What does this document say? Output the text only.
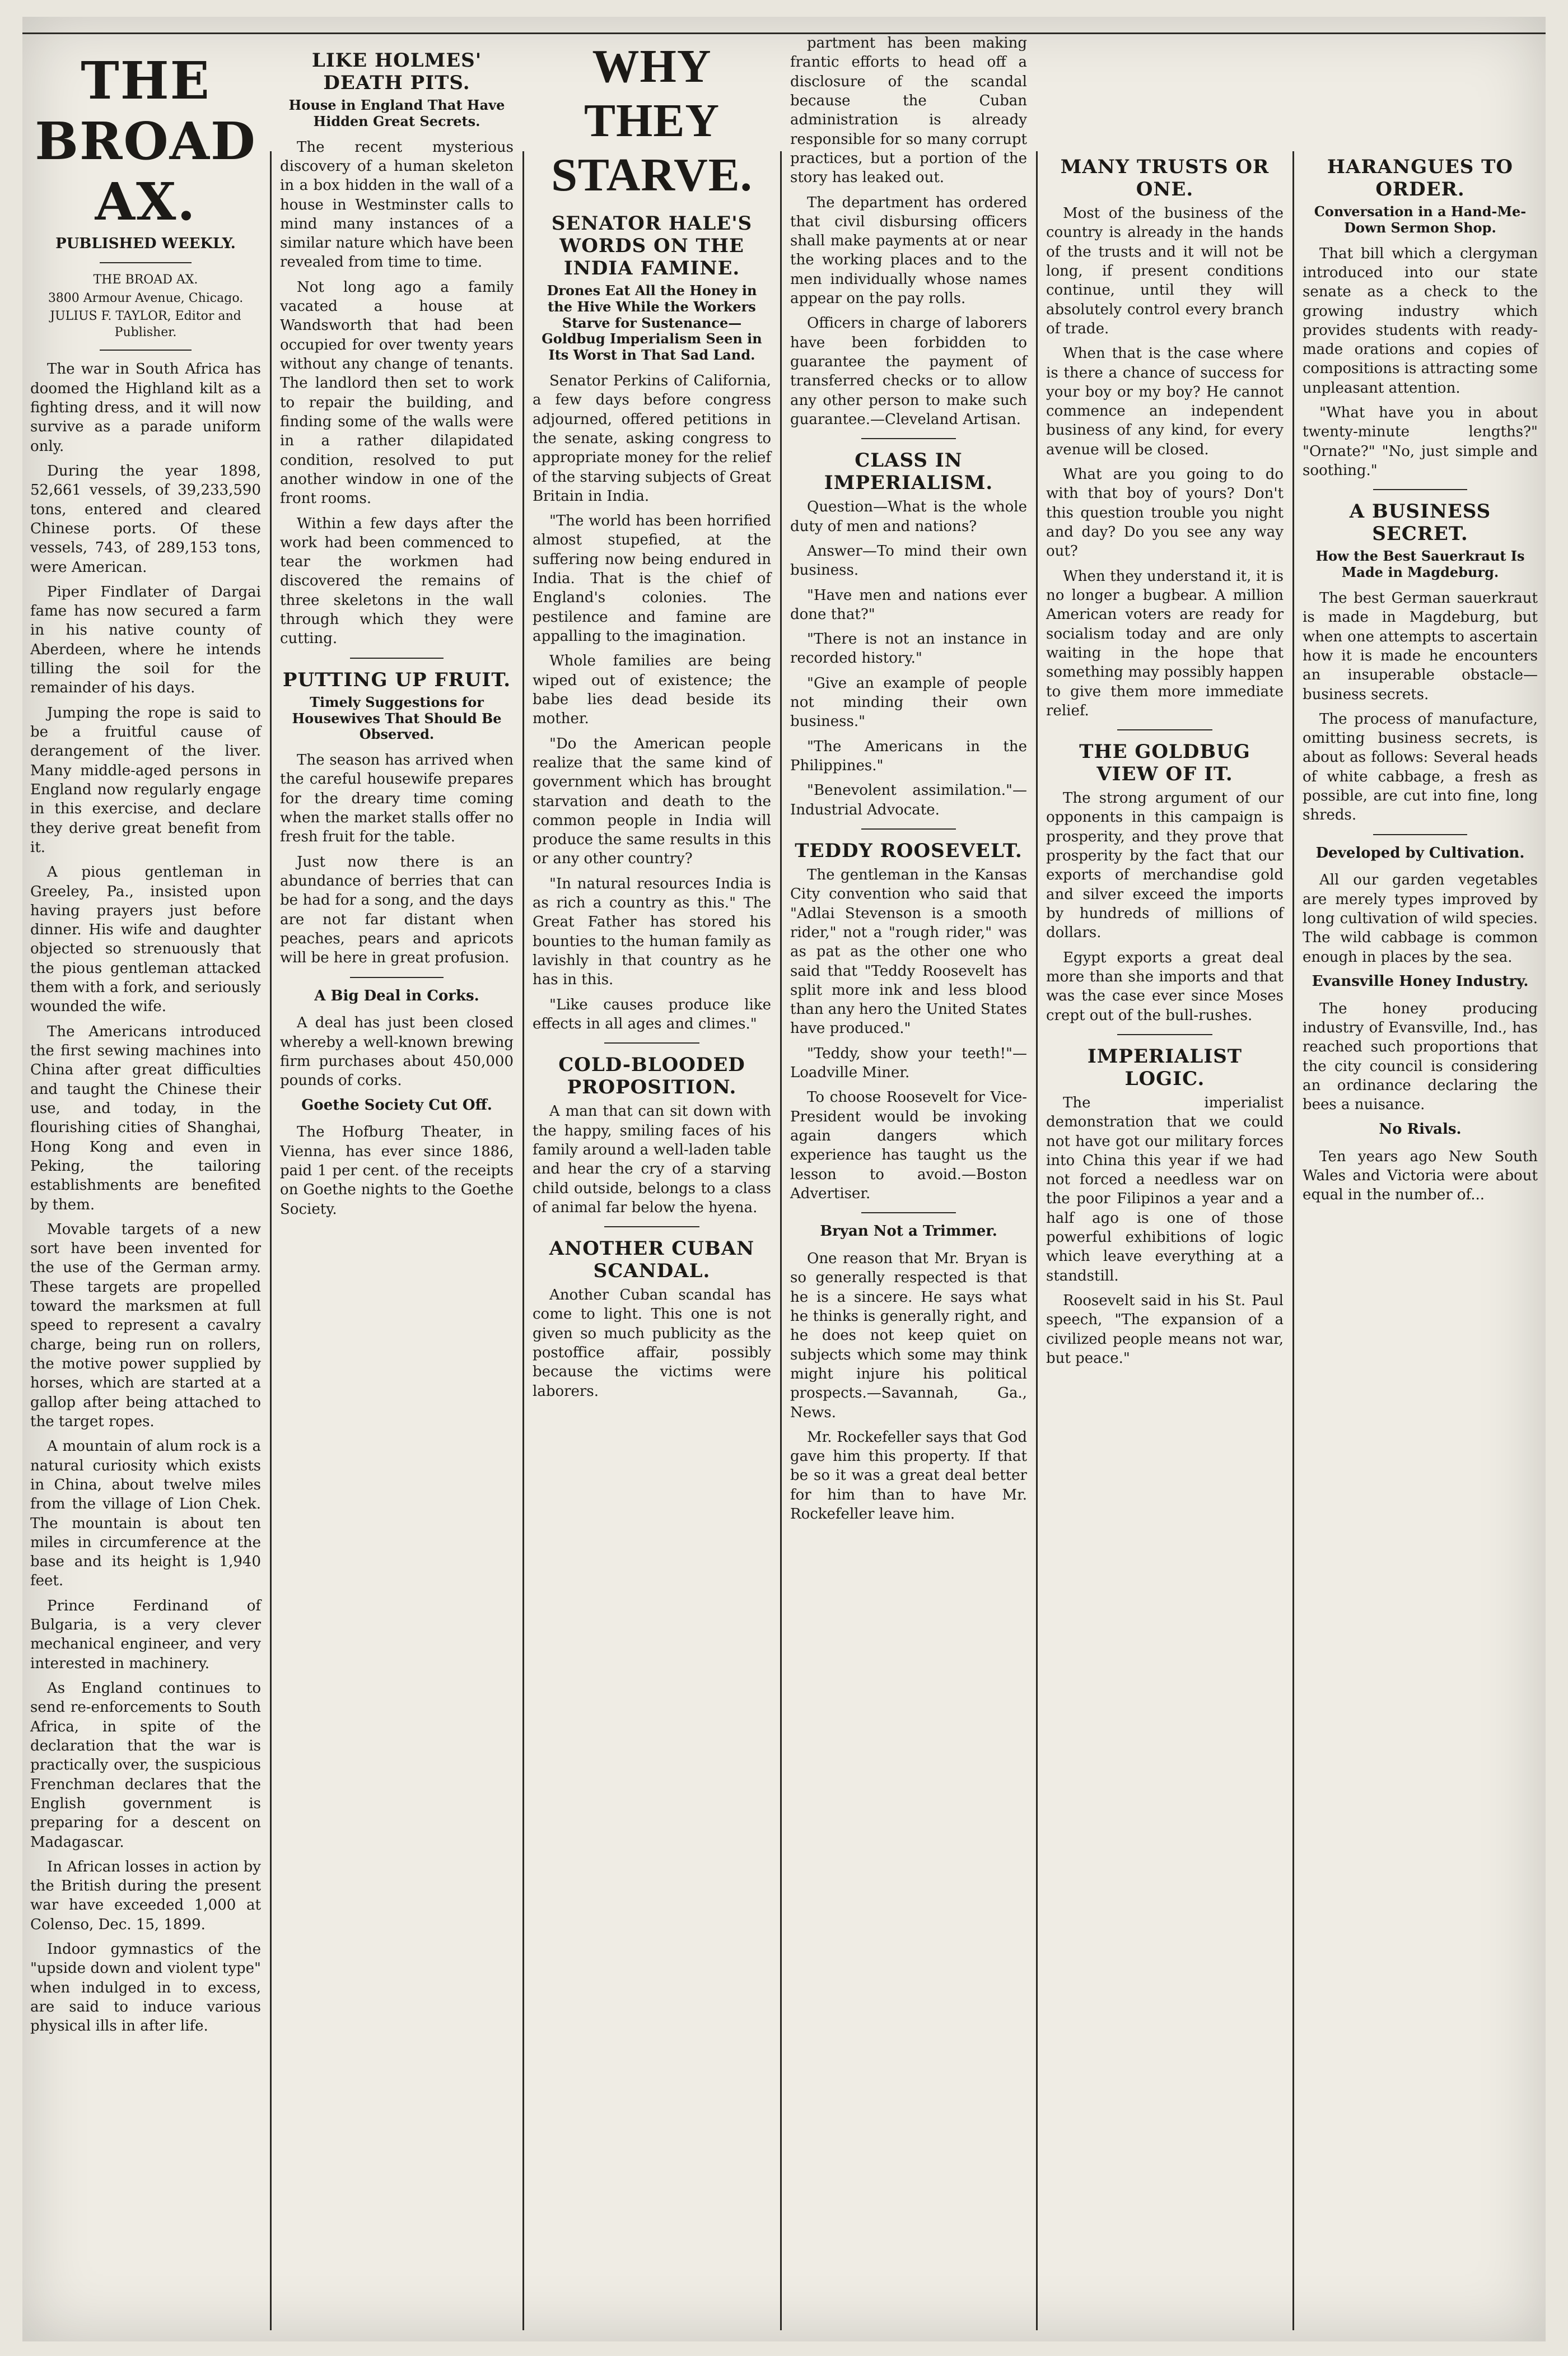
THE BROAD AX.
PUBLISHED WEEKLY.
THE BROAD AX.
3800 Armour Avenue, Chicago.
JULIUS F. TAYLOR, Editor and Publisher.
The war in South Africa has doomed the Highland kilt as a fighting dress, and it will now survive as a parade uniform only.
During the year 1898, 52,661 vessels, of 39,233,590 tons, entered and cleared Chinese ports. Of these vessels, 743, of 289,153 tons, were American.
Piper Findlater of Dargai fame has now secured a farm in his native county of Aberdeen, where he intends tilling the soil for the remainder of his days.
Jumping the rope is said to be a fruitful cause of derangement of the liver. Many middle-aged persons in England now regularly engage in this exercise, and declare they derive great benefit from it.
A pious gentleman in Greeley, Pa., insisted upon having prayers just before dinner. His wife and daughter objected so strenuously that the pious gentleman attacked them with a fork, and seriously wounded the wife.
The Americans introduced the first sewing machines into China after great difficulties and taught the Chinese their use, and today, in the flourishing cities of Shanghai, Hong Kong and even in Peking, the tailoring establishments are benefited by them.
Movable targets of a new sort have been invented for the use of the German army. These targets are propelled toward the marksmen at full speed to represent a cavalry charge, being run on rollers, the motive power supplied by horses, which are started at a gallop after being attached to the target ropes.
A mountain of alum rock is a natural curiosity which exists in China, about twelve miles from the village of Lion Chek. The mountain is about ten miles in circumference at the base and its height is 1,940 feet.
Prince Ferdinand of Bulgaria, is a very clever mechanical engineer, and very interested in machinery.
As England continues to send re-enforcements to South Africa, in spite of the declaration that the war is practically over, the suspicious Frenchman declares that the English government is preparing for a descent on Madagascar.
In African losses in action by the British during the present war have exceeded 1,000 at Colenso, Dec. 15, 1899.
Indoor gymnastics of the "upside down and violent type" when indulged in to excess, are said to induce various physical ills in after life.
LIKE HOLMES' DEATH PITS.
House in England That Have Hidden Great Secrets.
The recent mysterious discovery of a human skeleton in a box hidden in the wall of a house in Westminster calls to mind many instances of a similar nature which have been revealed from time to time.
Not long ago a family vacated a house at Wandsworth that had been occupied for over twenty years without any change of tenants. The landlord then set to work to repair the building, and finding some of the walls were in a rather dilapidated condition, resolved to put another window in one of the front rooms.
Within a few days after the work had been commenced to tear the workmen had discovered the remains of three skeletons in the wall through which they were cutting.
PUTTING UP FRUIT.
Timely Suggestions for Housewives That Should Be Observed.
The season has arrived when the careful housewife prepares for the dreary time coming when the market stalls offer no fresh fruit for the table.
Just now there is an abundance of berries that can be had for a song, and the days are not far distant when peaches, pears and apricots will be here in great profusion.
A Big Deal in Corks.
A deal has just been closed whereby a well-known brewing firm purchases about 450,000 pounds of corks.
Goethe Society Cut Off.
The Hofburg Theater, in Vienna, has ever since 1886, paid 1 per cent. of the receipts on Goethe nights to the Goethe Society.
WHY THEY STARVE.
SENATOR HALE'S WORDS ON THE INDIA FAMINE.
Drones Eat All the Honey in the Hive While the Workers Starve for Sustenance—Goldbug Imperialism Seen in Its Worst in That Sad Land.
Senator Perkins of California, a few days before congress adjourned, offered petitions in the senate, asking congress to appropriate money for the relief of the starving subjects of Great Britain in India.
"The world has been horrified almost stupefied, at the suffering now being endured in India. That is the chief of England's colonies. The pestilence and famine are appalling to the imagination.
Whole families are being wiped out of existence; the babe lies dead beside its mother.
"Do the American people realize that the same kind of government which has brought starvation and death to the common people in India will produce the same results in this or any other country?
"In natural resources India is as rich a country as this." The Great Father has stored his bounties to the human family as lavishly in that country as he has in this.
"Like causes produce like effects in all ages and climes."
COLD-BLOODED PROPOSITION.
A man that can sit down with the happy, smiling faces of his family around a well-laden table and hear the cry of a starving child outside, belongs to a class of animal far below the hyena.
ANOTHER CUBAN SCANDAL.
Another Cuban scandal has come to light. This one is not given so much publicity as the postoffice affair, possibly because the victims were laborers.
partment has been making frantic efforts to head off a disclosure of the scandal because the Cuban administration is already responsible for so many corrupt practices, but a portion of the story has leaked out.
The department has ordered that civil disbursing officers shall make payments at or near the working places and to the men individually whose names appear on the pay rolls.
Officers in charge of laborers have been forbidden to guarantee the payment of transferred checks or to allow any other person to make such guarantee.—Cleveland Artisan.
CLASS IN IMPERIALISM.
Question—What is the whole duty of men and nations?
Answer—To mind their own business.
"Have men and nations ever done that?"
"There is not an instance in recorded history."
"Give an example of people not minding their own business."
"The Americans in the Philippines."
"Benevolent assimilation."—Industrial Advocate.
TEDDY ROOSEVELT.
The gentleman in the Kansas City convention who said that "Adlai Stevenson is a smooth rider," not a "rough rider," was as pat as the other one who said that "Teddy Roosevelt has split more ink and less blood than any hero the United States have produced."
"Teddy, show your teeth!"—Loadville Miner.
To choose Roosevelt for Vice-President would be invoking again dangers which experience has taught us the lesson to avoid.—Boston Advertiser.
Bryan Not a Trimmer.
One reason that Mr. Bryan is so generally respected is that he is a sincere. He says what he thinks is generally right, and he does not keep quiet on subjects which some may think might injure his political prospects.—Savannah, Ga., News.
Mr. Rockefeller says that God gave him this property. If that be so it was a great deal better for him than to have Mr. Rockefeller leave him.
MANY TRUSTS OR ONE.
Most of the business of the country is already in the hands of the trusts and it will not be long, if present conditions continue, until they will absolutely control every branch of trade.
When that is the case where is there a chance of success for your boy or my boy? He cannot commence an independent business of any kind, for every avenue will be closed.
What are you going to do with that boy of yours? Don't this question trouble you night and day? Do you see any way out?
When they understand it, it is no longer a bugbear. A million American voters are ready for socialism today and are only waiting in the hope that something may possibly happen to give them more immediate relief.
THE GOLDBUG VIEW OF IT.
The strong argument of our opponents in this campaign is prosperity, and they prove that prosperity by the fact that our exports of merchandise gold and silver exceed the imports by hundreds of millions of dollars.
Egypt exports a great deal more than she imports and that was the case ever since Moses crept out of the bull-rushes.
IMPERIALIST LOGIC.
The imperialist demonstration that we could not have got our military forces into China this year if we had not forced a needless war on the poor Filipinos a year and a half ago is one of those powerful exhibitions of logic which leave everything at a standstill.
Roosevelt said in his St. Paul speech, "The expansion of a civilized people means not war, but peace."
HARANGUES TO ORDER.
Conversation in a Hand-Me-Down Sermon Shop.
That bill which a clergyman introduced into our state senate as a check to the growing industry which provides students with ready-made orations and copies of compositions is attracting some unpleasant attention.
"What have you in about twenty-minute lengths?" "Ornate?" "No, just simple and soothing."
A BUSINESS SECRET.
How the Best Sauerkraut Is Made in Magdeburg.
The best German sauerkraut is made in Magdeburg, but when one attempts to ascertain how it is made he encounters an insuperable obstacle—business secrets.
The process of manufacture, omitting business secrets, is about as follows: Several heads of white cabbage, a fresh as possible, are cut into fine, long shreds.
Developed by Cultivation.
All our garden vegetables are merely types improved by long cultivation of wild species. The wild cabbage is common enough in places by the sea.
Evansville Honey Industry.
The honey producing industry of Evansville, Ind., has reached such proportions that the city council is considering an ordinance declaring the bees a nuisance.
No Rivals.
Ten years ago New South Wales and Victoria were about equal in the number of...
